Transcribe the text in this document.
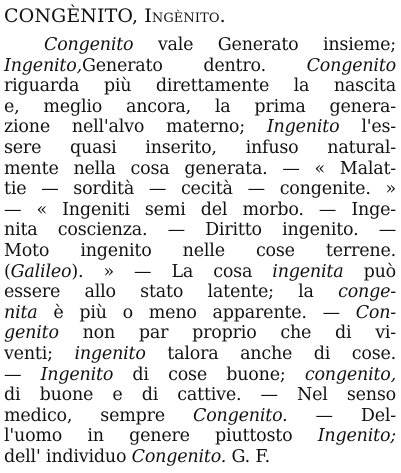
CONGÈNITO, Ingènito.
Congenito vale Generato insieme;
Ingenito,Generato dentro. Congenito
riguarda più direttamente la nascita
e, meglio ancora, la prima genera-
zione nell'alvo materno; Ingenito l'es-
sere quasi inserito, infuso natural-
mente nella cosa generata. — « Malat-
tie — sordità — cecità — congenite. »
— « Ingeniti semi del morbo. — Inge-
nita coscienza. — Diritto ingenito. —
Moto ingenito nelle cose terrene.
(Galileo). » — La cosa ingenita può
essere allo stato latente; la conge-
nita è più o meno apparente. — Con-
genito non par proprio che di vi-
venti; ingenito talora anche di cose.
— Ingenito di cose buone; congenito,
di buone e di cattive. — Nel senso
medico, sempre Congenito. — Del-
l'uomo in genere piuttosto Ingenito;
dell' individuo Congenito. G. F.
